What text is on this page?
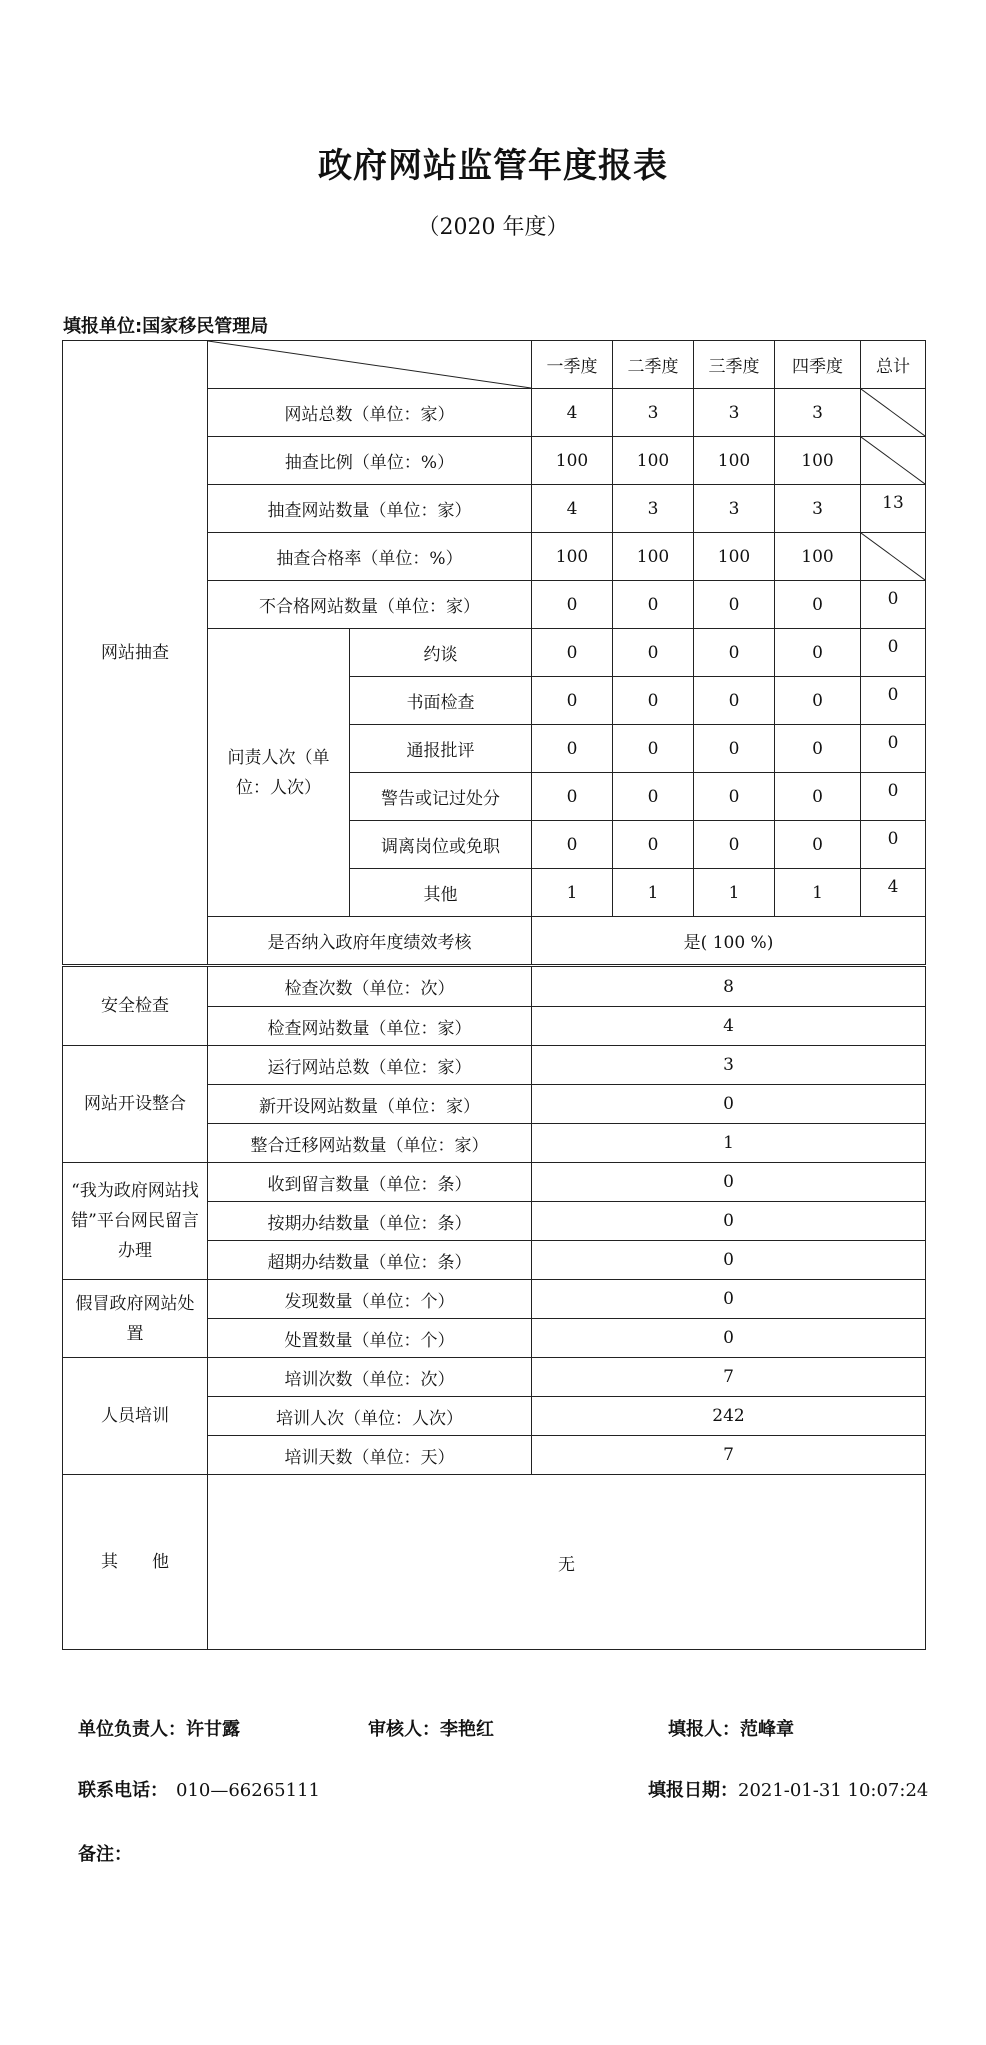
政府网站监管年度报表
（2020 年度）
填报单位:国家移民管理局
网站抽查			一季度	二季度	三季度	四季度	总计
	网站总数（单位：家）		4	3	3	3	

	抽查比例（单位：%）		100	100	100	100	

	抽查网站数量（单位：家）		4	3	3	3	13
	抽查合格率（单位：%）		100	100	100	100	

	不合格网站数量（单位：家）		0	0	0	0	0
	问责人次（单位：人次）	约谈	0	0	0	0	0
		书面检查	0	0	0	0	0
		通报批评	0	0	0	0	0
		警告或记过处分	0	0	0	0	0
		调离岗位或免职	0	0	0	0	0
		其他	1	1	1	1	4
	是否纳入政府年度绩效考核		是( 100 %)				
安全检查	检查次数（单位：次）	8
	检查网站数量（单位：家）	4
网站开设整合	运行网站总数（单位：家）	3
	新开设网站数量（单位：家）	0
	整合迁移网站数量（单位：家）	1
“我为政府网站找错”平台网民留言办理	收到留言数量（单位：条）	0
	按期办结数量（单位：条）	0
	超期办结数量（单位：条）	0
假冒政府网站处置	发现数量（单位：个）	0
	处置数量（单位：个）	0
人员培训	培训次数（单位：次）	7
	培训人次（单位：人次）	242
	培训天数（单位：天）	7
其　　他	无	
单位负责人：许甘露	审核人：李艳红	填报人：范峰章
联系电话： 010—66265111	填报日期：2021-01-31 10:07:24
备注：
